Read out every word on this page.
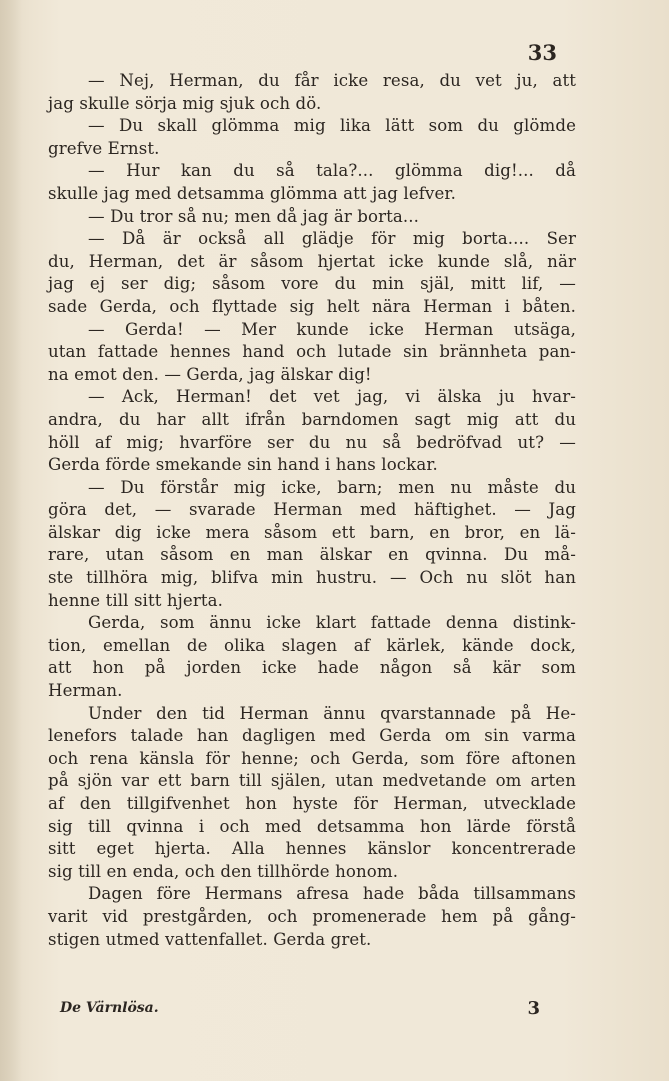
33
— Nej, Herman, du får icke resa, du vet ju, att
jag skulle sörja mig sjuk och dö.
— Du skall glömma mig lika lätt som du glömde
grefve Ernst.
— Hur kan du så tala?... glömma dig!... då
skulle jag med detsamma glömma att jag lefver.
— Du tror så nu; men då jag är borta...
— Då är också all glädje för mig borta.... Ser
du, Herman, det är såsom hjertat icke kunde slå, när
jag ej ser dig; såsom vore du min själ, mitt lif, —
sade Gerda, och flyttade sig helt nära Herman i båten.
— Gerda! — Mer kunde icke Herman utsäga,
utan fattade hennes hand och lutade sin brännheta pan-
na emot den. — Gerda, jag älskar dig!
— Ack, Herman! det vet jag, vi älska ju hvar-
andra, du har allt ifrån barndomen sagt mig att du
höll af mig; hvarföre ser du nu så bedröfvad ut? —
Gerda förde smekande sin hand i hans lockar.
— Du förstår mig icke, barn; men nu måste du
göra det, — svarade Herman med häftighet. — Jag
älskar dig icke mera såsom ett barn, en bror, en lä-
rare, utan såsom en man älskar en qvinna. Du må-
ste tillhöra mig, blifva min hustru. — Och nu slöt han
henne till sitt hjerta.
Gerda, som ännu icke klart fattade denna distink-
tion, emellan de olika slagen af kärlek, kände dock,
att hon på jorden icke hade någon så kär som
Herman.
Under den tid Herman ännu qvarstannade på He-
lenefors talade han dagligen med Gerda om sin varma
och rena känsla för henne; och Gerda, som före aftonen
på sjön var ett barn till själen, utan medvetande om arten
af den tillgifvenhet hon hyste för Herman, utvecklade
sig till qvinna i och med detsamma hon lärde förstå
sitt eget hjerta. Alla hennes känslor koncentrerade
sig till en enda, och den tillhörde honom.
Dagen före Hermans afresa hade båda tillsammans
varit vid prestgården, och promenerade hem på gång-
stigen utmed vattenfallet. Gerda gret.
De Värnlösa.	3
